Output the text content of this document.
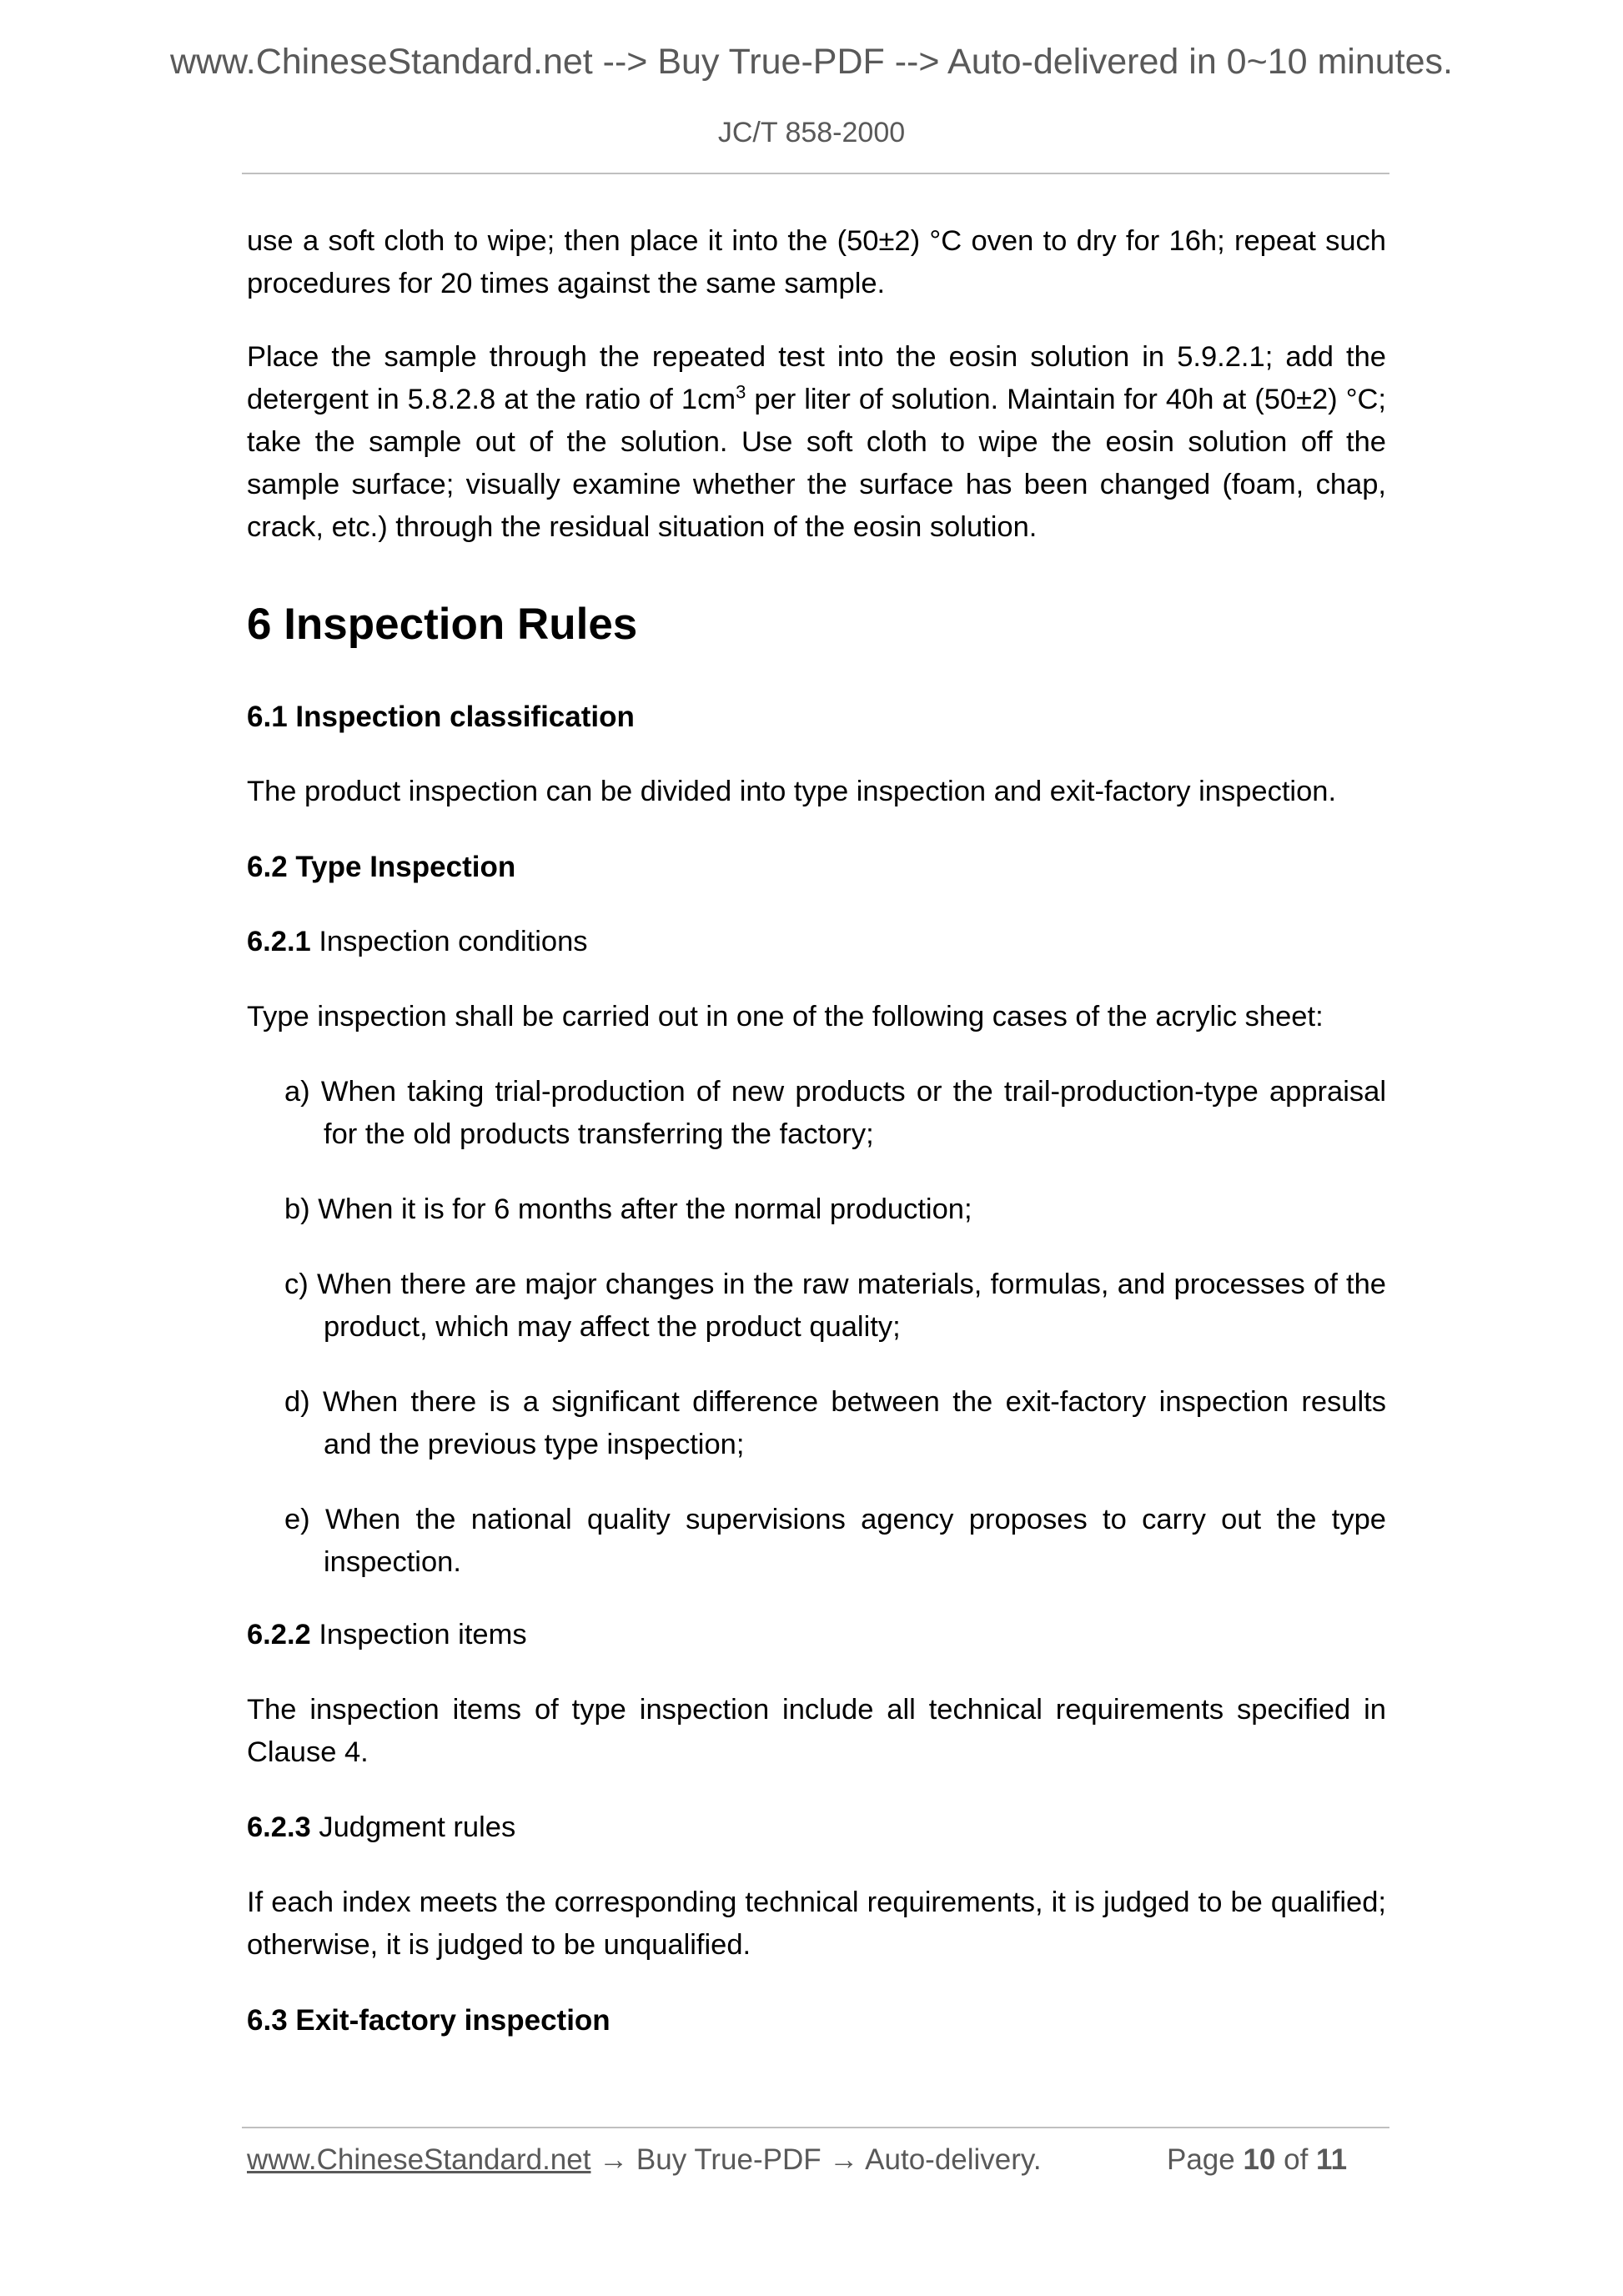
www.ChineseStandard.net --> Buy True-PDF --> Auto-delivered in 0~10 minutes.
JC/T 858-2000

use a soft cloth to wipe; then place it into the (50±2) °C oven to dry for 16h; repeat such procedures for 20 times against the same sample.

Place the sample through the repeated test into the eosin solution in 5.9.2.1; add the detergent in 5.8.2.8 at the ratio of $1cm^3$ per liter of solution. Maintain for 40h at (50±2) °C; take the sample out of the solution. Use soft cloth to wipe the eosin solution off the sample surface; visually examine whether the surface has been changed (foam, chap, crack, etc.) through the residual situation of the eosin solution.

6 Inspection Rules
6.1 Inspection classification

The product inspection can be divided into type inspection and exit-factory inspection.

6.2 Type Inspection

6.2.1 Inspection conditions

Type inspection shall be carried out in one of the following cases of the acrylic sheet:

a) When taking trial-production of new products or the trail-production-type appraisal for the old products transferring the factory;
b) When it is for 6 months after the normal production;
c) When there are major changes in the raw materials, formulas, and processes of the product, which may affect the product quality;
d) When there is a significant difference between the exit-factory inspection results and the previous type inspection;
e) When the national quality supervisions agency proposes to carry out the type inspection.

6.2.2 Inspection items

The inspection items of type inspection include all technical requirements specified in Clause 4.

6.2.3 Judgment rules

If each index meets the corresponding technical requirements, it is judged to be qualified; otherwise, it is judged to be unqualified.

6.3 Exit-factory inspection
www.ChineseStandard.net → Buy True-PDF → Auto-delivery.	Page 10 of 11
